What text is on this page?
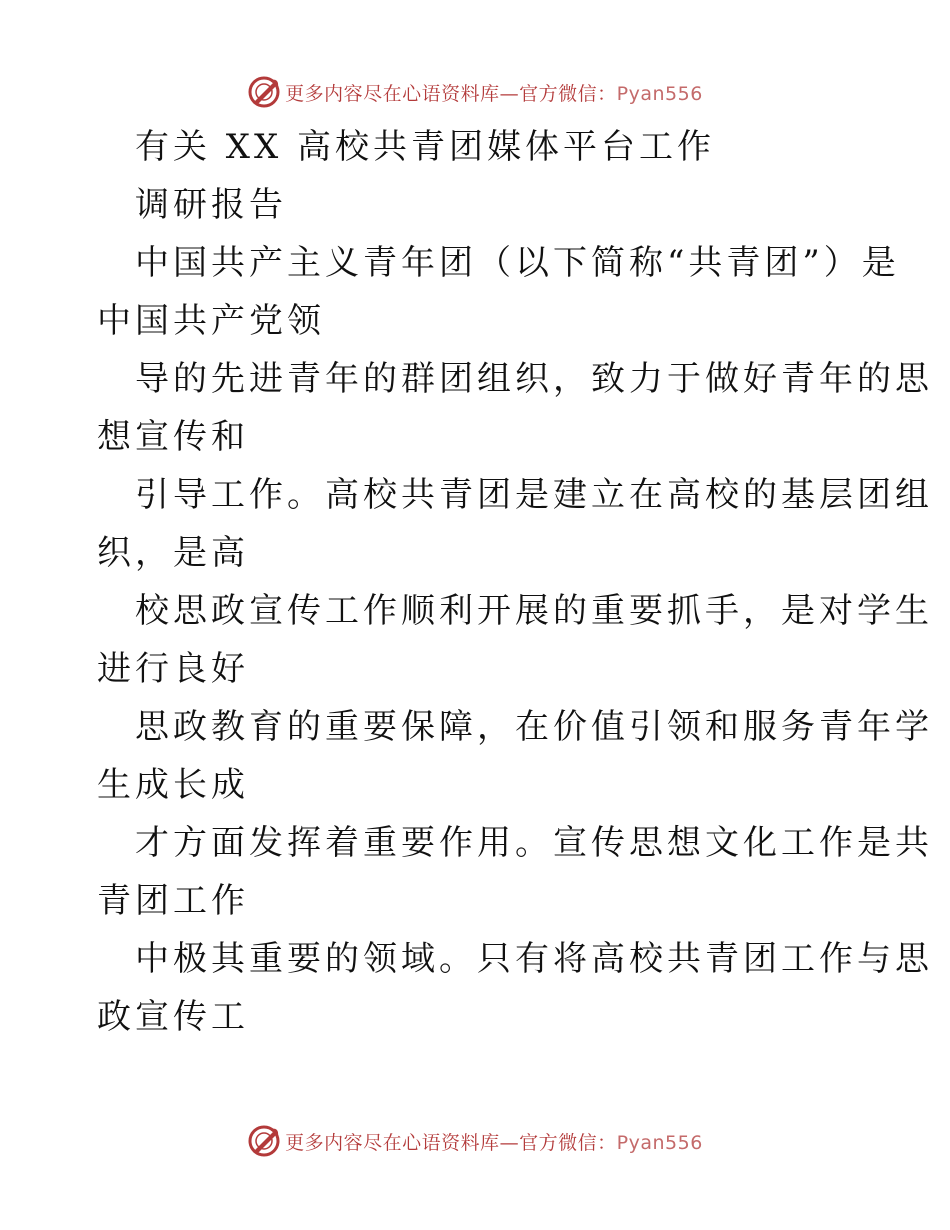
更多内容尽在心语资料库—官方微信：Pyan556
有关 XX 高校共青团媒体平台工作
调研报告
中国共产主义青年团（以下简称“共青团”）是
中国共产党领
导的先进青年的群团组织，致力于做好青年的思
想宣传和
引导工作。高校共青团是建立在高校的基层团组
织，是高
校思政宣传工作顺利开展的重要抓手，是对学生
进行良好
思政教育的重要保障，在价值引领和服务青年学
生成长成
才方面发挥着重要作用。宣传思想文化工作是共
青团工作
中极其重要的领域。只有将高校共青团工作与思
政宣传工
更多内容尽在心语资料库—官方微信：Pyan556
